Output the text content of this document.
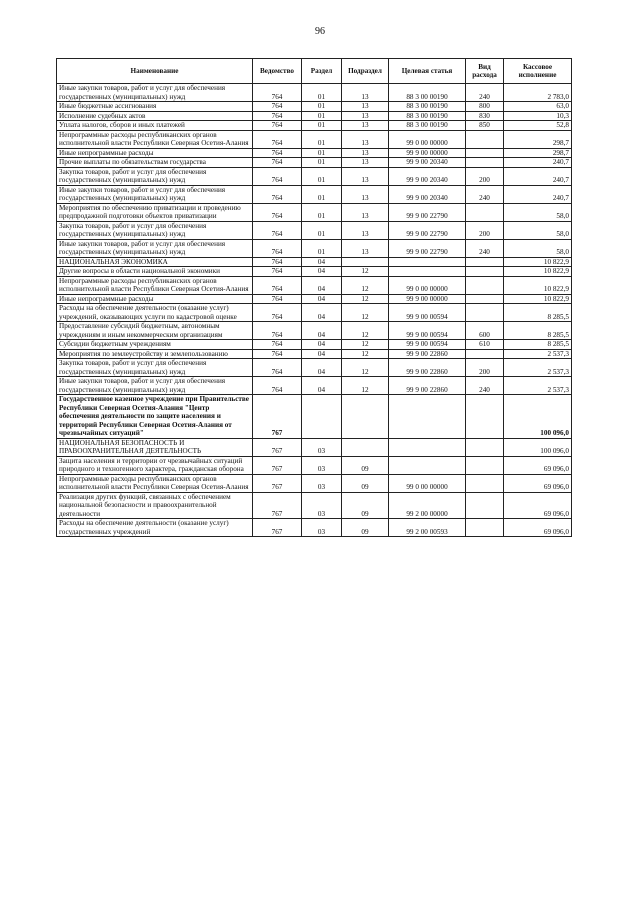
96
Наименование	Ведомство	Раздел	Подраздел	Целевая статья	Вид расхода	Кассовое исполнение
Иные закупки товаров, работ и услуг для обеспечения государственных (муниципальных) нужд	764	01	13	88 3 00 00190	240	2 783,0
Иные бюджетные ассигнования	764	01	13	88 3 00 00190	800	63,0
Исполнение судебных актов	764	01	13	88 3 00 00190	830	10,3
Уплата налогов, сборов и иных платежей	764	01	13	88 3 00 00190	850	52,8
Непрограммные расходы республиканских органов исполнительной власти Республики Северная Осетия-Алания	764	01	13	99 0 00 00000		298,7
Иные непрограммные расходы	764	01	13	99 9 00 00000		298,7
Прочие выплаты по обязательствам государства	764	01	13	99 9 00 20340		240,7
Закупка товаров, работ и услуг для обеспечения государственных (муниципальных) нужд	764	01	13	99 9 00 20340	200	240,7
Иные закупки товаров, работ и услуг для обеспечения государственных (муниципальных) нужд	764	01	13	99 9 00 20340	240	240,7
Мероприятия по обеспечению приватизации и проведению предпродажной подготовки объектов приватизации	764	01	13	99 9 00 22790		58,0
Закупка товаров, работ и услуг для обеспечения государственных (муниципальных) нужд	764	01	13	99 9 00 22790	200	58,0
Иные закупки товаров, работ и услуг для обеспечения государственных (муниципальных) нужд	764	01	13	99 9 00 22790	240	58,0
НАЦИОНАЛЬНАЯ ЭКОНОМИКА	764	04				10 822,9
Другие вопросы в области национальной экономики	764	04	12			10 822,9
Непрограммные расходы республиканских органов исполнительной власти Республики Северная Осетия-Алания	764	04	12	99 0 00 00000		10 822,9
Иные непрограммные расходы	764	04	12	99 9 00 00000		10 822,9
Расходы на обеспечение деятельности (оказание услуг) учреждений, оказывающих услуги по кадастровой оценке	764	04	12	99 9 00 00594		8 285,5
Предоставление субсидий бюджетным, автономным учреждениям и иным некоммерческим организациям	764	04	12	99 9 00 00594	600	8 285,5
Субсидии бюджетным учреждениям	764	04	12	99 9 00 00594	610	8 285,5
Мероприятия по землеустройству и землепользованию	764	04	12	99 9 00 22860		2 537,3
Закупка товаров, работ и услуг для обеспечения государственных (муниципальных) нужд	764	04	12	99 9 00 22860	200	2 537,3
Иные закупки товаров, работ и услуг для обеспечения государственных (муниципальных) нужд	764	04	12	99 9 00 22860	240	2 537,3
Государственное казенное учреждение при Правительстве Республики Северная Осетия-Алания "Центр обеспечения деятельности по защите населения и территорий Республики Северная Осетия-Алания от чрезвычайных ситуаций"	767					100 096,0
НАЦИОНАЛЬНАЯ БЕЗОПАСНОСТЬ И ПРАВООХРАНИТЕЛЬНАЯ ДЕЯТЕЛЬНОСТЬ	767	03				100 096,0
Защита населения и территории от чрезвычайных ситуаций природного и техногенного характера, гражданская оборона	767	03	09			69 096,0
Непрограммные расходы республиканских органов исполнительной власти Республики Северная Осетия-Алания	767	03	09	99 0 00 00000		69 096,0
Реализация других функций, связанных с обеспечением национальной безопасности и правоохранительной деятельности	767	03	09	99 2 00 00000		69 096,0
Расходы на обеспечение деятельности (оказание услуг) государственных учреждений	767	03	09	99 2 00 00593		69 096,0
